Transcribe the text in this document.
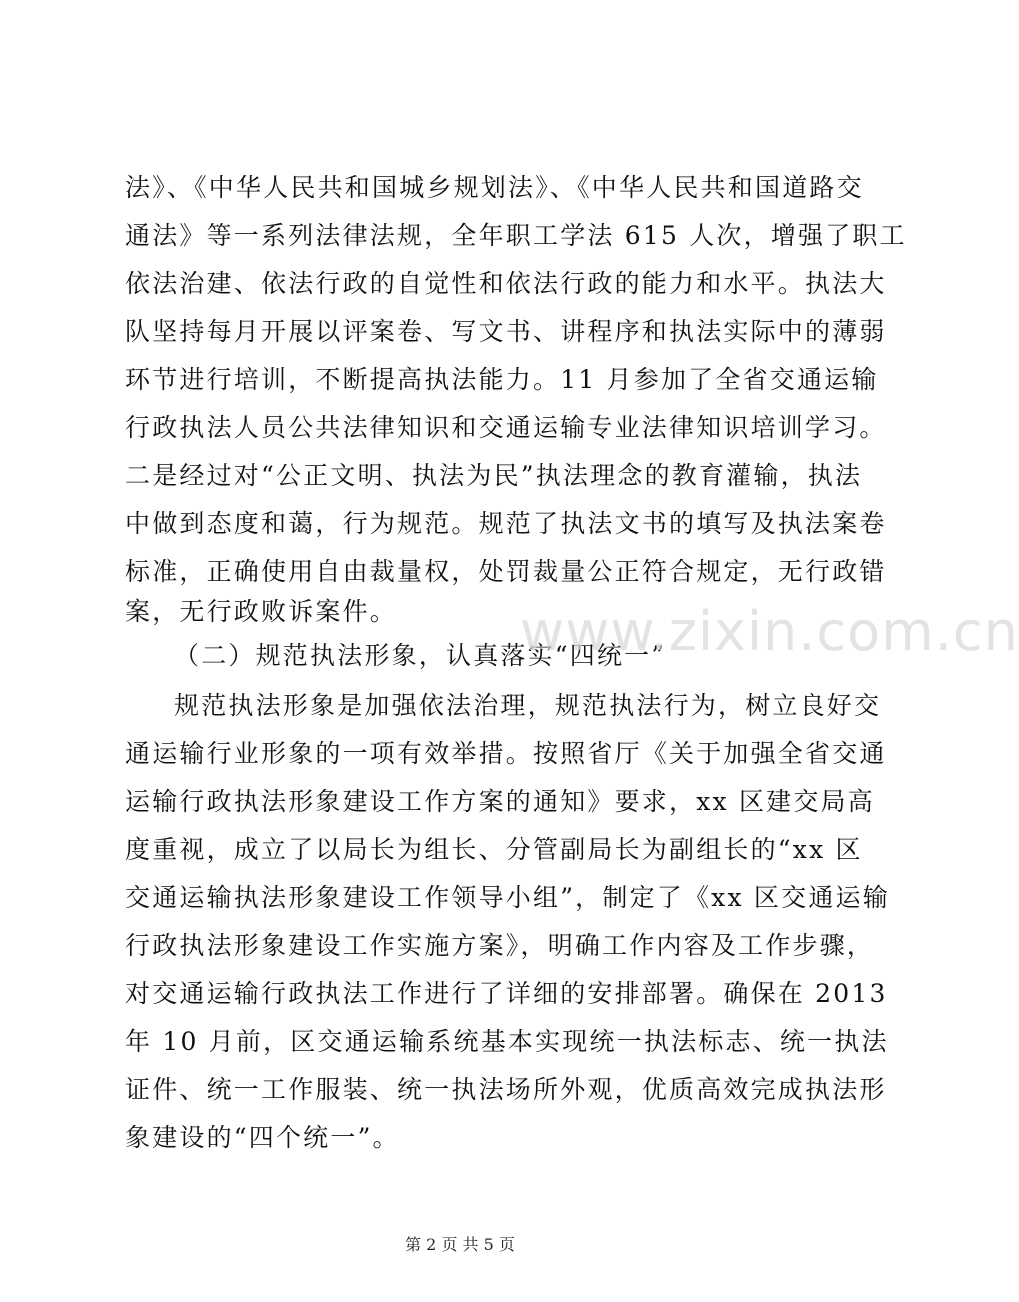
法》、《中华人民共和国城乡规划法》、《中华人民共和国道路交
通法》等一系列法律法规，全年职工学法 615 人次，增强了职工
依法治建、依法行政的自觉性和依法行政的能力和水平。执法大
队坚持每月开展以评案卷、写文书、讲程序和执法实际中的薄弱
环节进行培训，不断提高执法能力。11 月参加了全省交通运输
行政执法人员公共法律知识和交通运输专业法律知识培训学习。
二是经过对“公正文明、执法为民”执法理念的教育灌输，执法
中做到态度和蔼，行为规范。规范了执法文书的填写及执法案卷
标准，正确使用自由裁量权，处罚裁量公正符合规定，无行政错
案，无行政败诉案件。
（二）规范执法形象，认真落实“四统一”
规范执法形象是加强依法治理，规范执法行为，树立良好交
通运输行业形象的一项有效举措。按照省厅《关于加强全省交通
运输行政执法形象建设工作方案的通知》要求，xx 区建交局高
度重视，成立了以局长为组长、分管副局长为副组长的“xx 区
交通运输执法形象建设工作领导小组”，制定了《xx 区交通运输
行政执法形象建设工作实施方案》，明确工作内容及工作步骤，
对交通运输行政执法工作进行了详细的安排部署。确保在 2013
年 10 月前，区交通运输系统基本实现统一执法标志、统一执法
证件、统一工作服装、统一执法场所外观，优质高效完成执法形
象建设的“四个统一”。
www.zixin.com.cn
第 2 页 共 5 页
